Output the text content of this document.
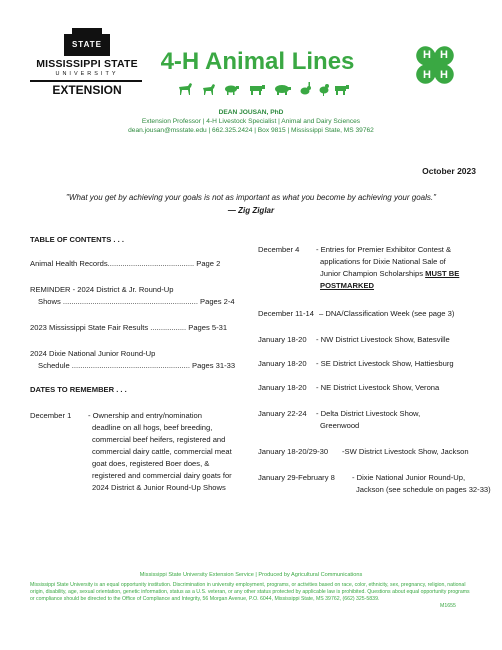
STATE
MISSISSIPPI STATE
UNIVERSITY
EXTENSION
4-H Animal Lines	H H
H H
DEAN JOUSAN, PhD
Extension Professor | 4-H Livestock Specialist | Animal and Dairy Sciences
dean.jousan@msstate.edu | 662.325.2424 | Box 9815 | Mississippi State, MS 39762
October 2023
"What you get by achieving your goals is not as important as what you become by achieving your goals."
— Zig Ziglar
TABLE OF CONTENTS . . .
Animal Health Records......................................... Page 2
REMINDER - 2024 District & Jr. Round-Up
Shows ................................................................ Pages 2-4
2023 Mississippi State Fair Results ................. Pages 5-31
2024 Dixie National Junior Round-Up
Schedule ........................................................ Pages 31-33
DATES TO REMEMBER . . .
December 1 - Ownership and entry/nomination
deadline on all hogs, beef breeding,
commercial beef heifers, registered and
commercial dairy cattle, commercial meat
goat does, registered Boer does, &
registered and commercial dairy goats for
2024 District & Junior Round-Up Shows
December 4 - Entries for Premier Exhibitor Contest &
applications for Dixie National Sale of
Junior Champion Scholarships MUST BE
POSTMARKED
December 11-14 – DNA/Classification Week (see page 3)
January 18-20 - NW District Livestock Show, Batesville
January 18-20 - SE District Livestock Show, Hattiesburg
January 18-20 - NE District Livestock Show, Verona
January 22-24 - Delta District Livestock Show,
Greenwood
January 18-20/29-30 -SW District Livestock Show, Jackson
January 29-February 8 - Dixie National Junior Round-Up,
Jackson (see schedule on pages 32-33)
Mississippi State University Extension Service | Produced by Agricultural Communications
Mississippi State University is an equal opportunity institution. Discrimination in university employment, programs, or activities based on race, color, ethnicity, sex, pregnancy, religion, national origin, disability, age, sexual orientation, genetic information, status as a U.S. veteran, or any other status protected by applicable law is prohibited. Questions about equal opportunity programs or compliance should be directed to the Office of Compliance and Integrity, 56 Morgan Avenue, P.O. 6044, Mississippi State, MS 39762, (662) 325-5839.
M1655
